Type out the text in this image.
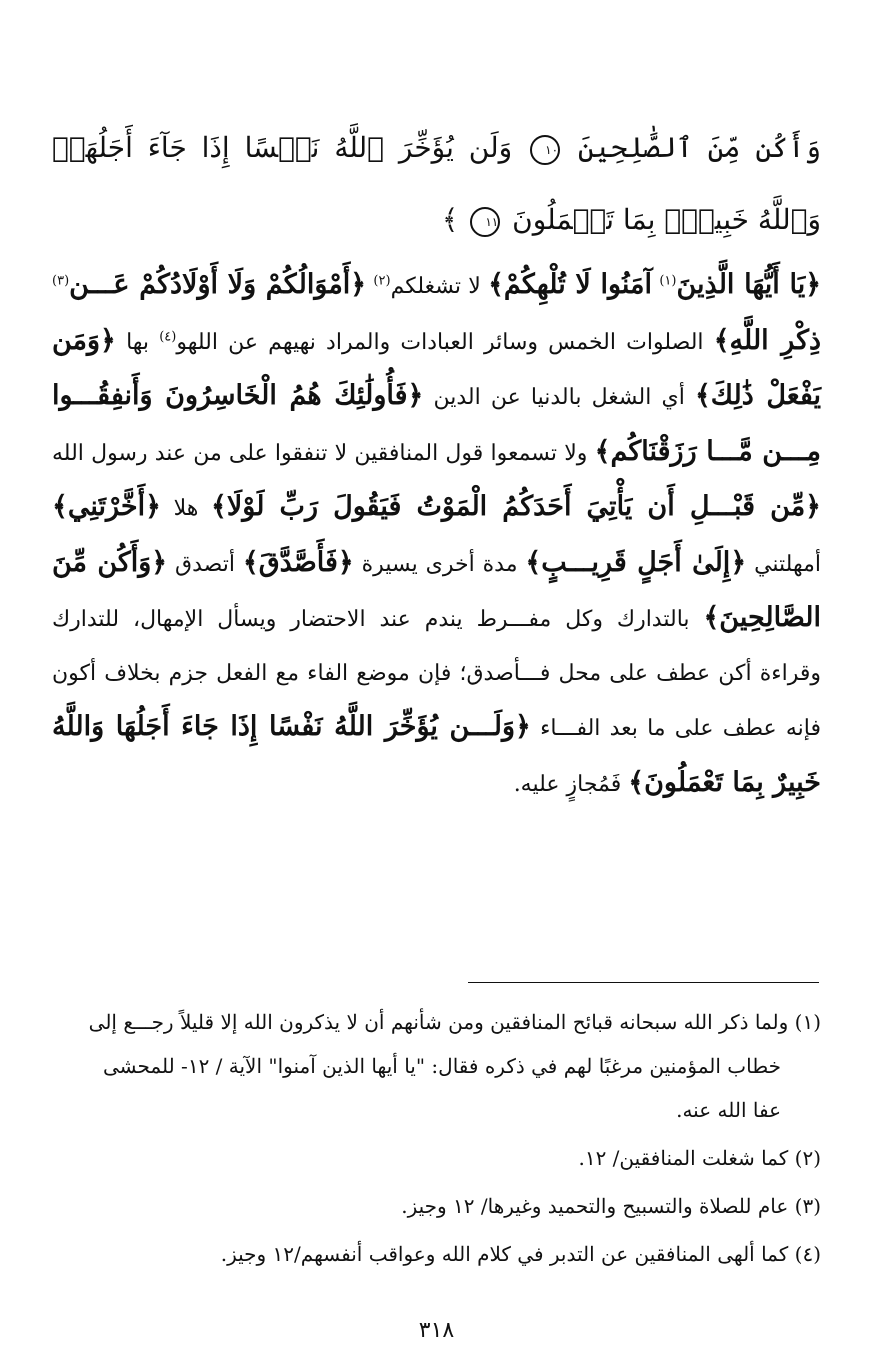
وَأَكُن مِّنَ ٱلصَّٰلِحِينَ ١٠ وَلَن يُؤَخِّرَ ٱللَّهُ نَفۡسًا إِذَا جَآءَ أَجَلُهَاۚ وَٱللَّهُ خَبِيرُۢ بِمَا تَعۡمَلُونَ ١١ ﴾
﴿يَا أَيُّهَا الَّذِينَ$^{(١)}$ آمَنُوا لَا تُلْهِكُمْ﴾ لا تشغلكم$^{(٢)}$ ﴿أَمْوَالُكُمْ وَلَا أَوْلَادُكُمْ عَـــن$^{(٣)}$ ذِكْرِ اللَّهِ﴾ الصلوات الخمس وسائر العبادات والمراد نهيهم عن اللهو$^{(٤)}$ بها ﴿وَمَن يَفْعَلْ ذَٰلِكَ﴾ أي الشغل بالدنيا عن الدين ﴿فَأُولَٰئِكَ هُمُ الْخَاسِرُونَ وَأَنفِقُـــوا مِـــن مَّـــا رَزَقْنَاكُم﴾ ولا تسمعوا قول المنافقين لا تنفقوا على من عند رسول الله ﴿مِّن قَبْـــلِ أَن يَأْتِيَ أَحَدَكُمُ الْمَوْتُ فَيَقُولَ رَبِّ لَوْلَا﴾ هلا ﴿أَخَّرْتَنِي﴾ أمهلتني ﴿إِلَىٰ أَجَلٍ قَرِيـــبٍ﴾ مدة أخرى يسيرة ﴿فَأَصَّدَّقَ﴾ أتصدق ﴿وَأَكُن مِّنَ الصَّالِحِينَ﴾ بالتدارك وكل مفـــرط يندم عند الاحتضار ويسأل الإمهال، للتدارك وقراءة أكن عطف على محل فـــأصدق؛ فإن موضع الفاء مع الفعل جزم بخلاف أكون فإنه عطف على ما بعد الفـــاء ﴿وَلَـــن يُؤَخِّرَ اللَّهُ نَفْسًا إِذَا جَاءَ أَجَلُهَا وَاللَّهُ خَبِيرٌ بِمَا تَعْمَلُونَ﴾ فَمُجازٍ عليه.
(١) ولما ذكر الله سبحانه قبائح المنافقين ومن شأنهم أن لا يذكرون الله إلا قليلاً رجـــع إلى
خطاب المؤمنين مرغبًا لهم في ذكره فقال: "يا أيها الذين آمنوا" الآية / ١٢- للمحشى
عفا الله عنه.
(٢) كما شغلت المنافقين/ ١٢.
(٣) عام للصلاة والتسبيح والتحميد وغيرها/ ١٢ وجيز.
(٤) كما ألهى المنافقين عن التدبر في كلام الله وعواقب أنفسهم/١٢ وجيز.
٣١٨
